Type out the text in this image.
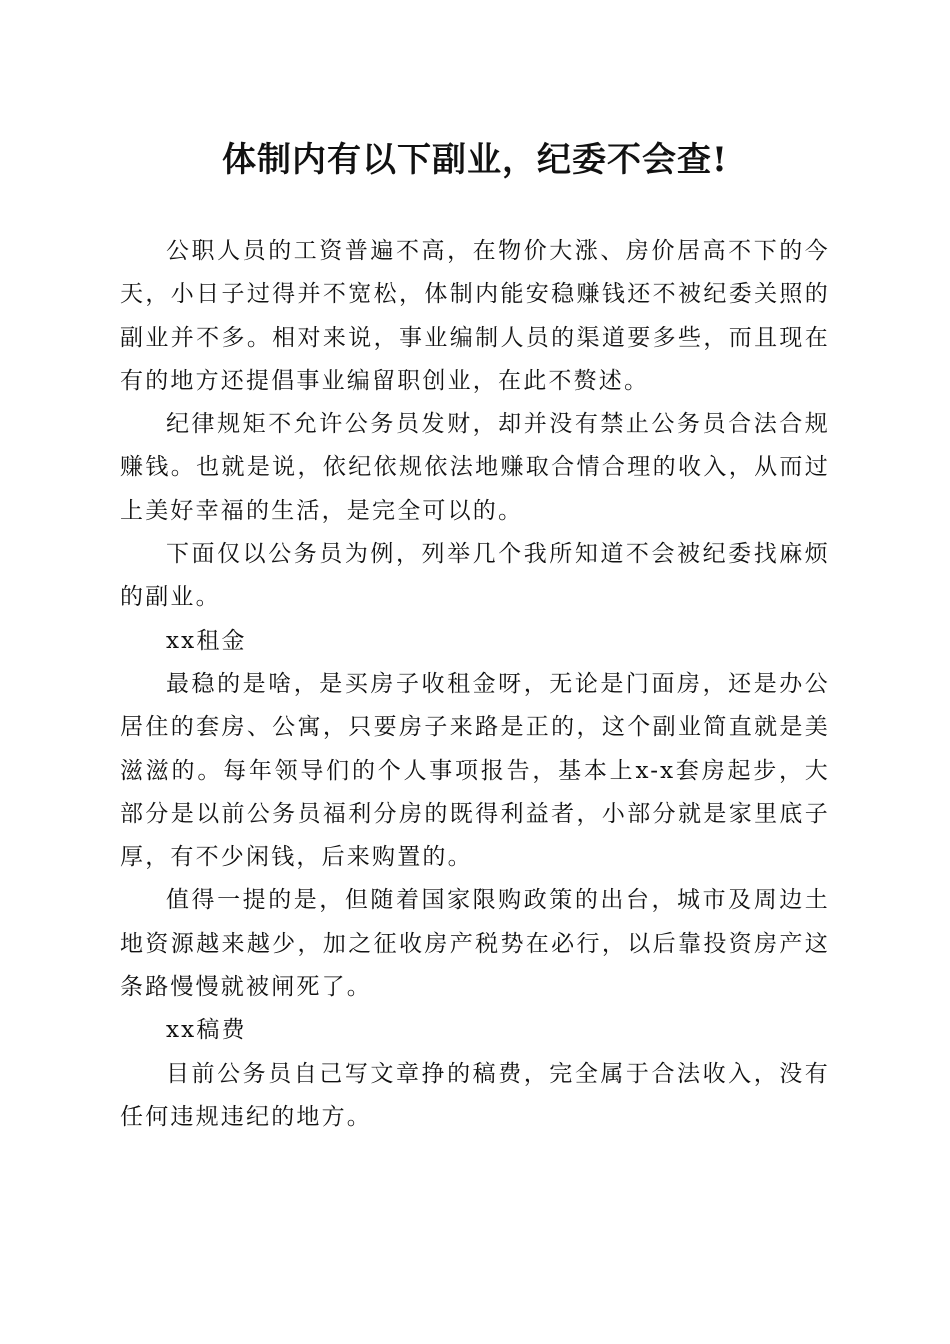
体制内有以下副业，纪委不会查!

公职人员的工资普遍不高，在物价大涨、房价居高不下的今天，小日子过得并不宽松，体制内能安稳赚钱还不被纪委关照的副业并不多。相对来说，事业编制人员的渠道要多些，而且现在有的地方还提倡事业编留职创业，在此不赘述。

纪律规矩不允许公务员发财，却并没有禁止公务员合法合规赚钱。也就是说，依纪依规依法地赚取合情合理的收入，从而过上美好幸福的生活，是完全可以的。

下面仅以公务员为例，列举几个我所知道不会被纪委找麻烦的副业。

xx租金

最稳的是啥，是买房子收租金呀，无论是门面房，还是办公居住的套房、公寓，只要房子来路是正的，这个副业简直就是美滋滋的。每年领导们的个人事项报告，基本上x-x套房起步，大部分是以前公务员福利分房的既得利益者，小部分就是家里底子厚，有不少闲钱，后来购置的。

值得一提的是，但随着国家限购政策的出台，城市及周边土地资源越来越少，加之征收房产税势在必行，以后靠投资房产这条路慢慢就被闸死了。

xx稿费

目前公务员自己写文章挣的稿费，完全属于合法收入，没有任何违规违纪的地方。
